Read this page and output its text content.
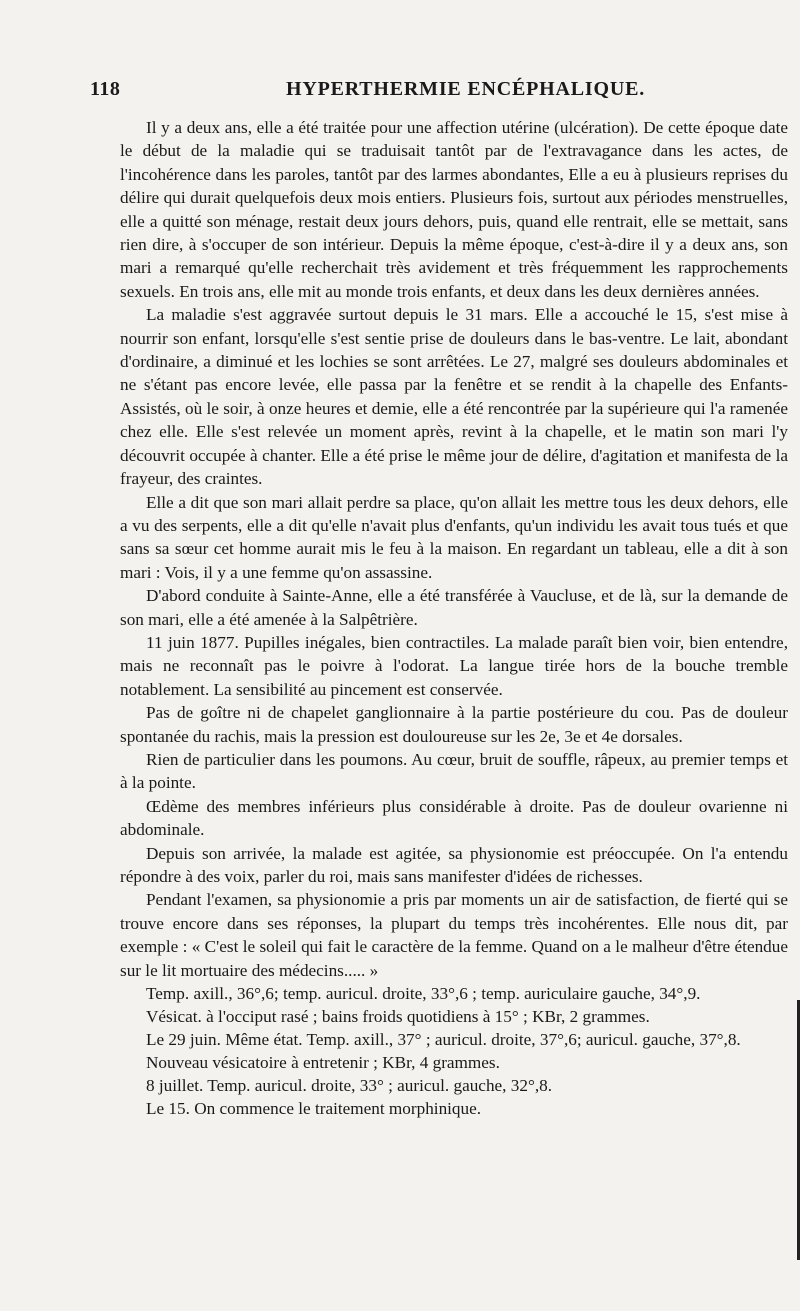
118	HYPERTHERMIE ENCÉPHALIQUE.

Il y a deux ans, elle a été traitée pour une affection utérine (ulcération). De cette époque date le début de la maladie qui se traduisait tantôt par de l'extravagance dans les actes, de l'incohérence dans les paroles, tantôt par des larmes abondantes, Elle a eu à plusieurs reprises du délire qui durait quelquefois deux mois entiers. Plusieurs fois, surtout aux périodes menstruelles, elle a quitté son ménage, restait deux jours dehors, puis, quand elle rentrait, elle se mettait, sans rien dire, à s'occuper de son intérieur. Depuis la même époque, c'est-à-dire il y a deux ans, son mari a remarqué qu'elle recherchait très avidement et très fréquemment les rapprochements sexuels. En trois ans, elle mit au monde trois enfants, et deux dans les deux dernières années.

La maladie s'est aggravée surtout depuis le 31 mars. Elle a accouché le 15, s'est mise à nourrir son enfant, lorsqu'elle s'est sentie prise de douleurs dans le bas-ventre. Le lait, abondant d'ordinaire, a diminué et les lochies se sont arrêtées. Le 27, malgré ses douleurs abdominales et ne s'étant pas encore levée, elle passa par la fenêtre et se rendit à la chapelle des Enfants-Assistés, où le soir, à onze heures et demie, elle a été rencontrée par la supérieure qui l'a ramenée chez elle. Elle s'est relevée un moment après, revint à la chapelle, et le matin son mari l'y découvrit occupée à chanter. Elle a été prise le même jour de délire, d'agitation et manifesta de la frayeur, des craintes.

Elle a dit que son mari allait perdre sa place, qu'on allait les mettre tous les deux dehors, elle a vu des serpents, elle a dit qu'elle n'avait plus d'enfants, qu'un individu les avait tous tués et que sans sa sœur cet homme aurait mis le feu à la maison. En regardant un tableau, elle a dit à son mari : Vois, il y a une femme qu'on assassine.

D'abord conduite à Sainte-Anne, elle a été transférée à Vaucluse, et de là, sur la demande de son mari, elle a été amenée à la Salpêtrière.

11 juin 1877. Pupilles inégales, bien contractiles. La malade paraît bien voir, bien entendre, mais ne reconnaît pas le poivre à l'odorat. La langue tirée hors de la bouche tremble notablement. La sensibilité au pincement est conservée.

Pas de goître ni de chapelet ganglionnaire à la partie postérieure du cou. Pas de douleur spontanée du rachis, mais la pression est douloureuse sur les 2e, 3e et 4e dorsales.

Rien de particulier dans les poumons. Au cœur, bruit de souffle, râpeux, au premier temps et à la pointe.

Œdème des membres inférieurs plus considérable à droite. Pas de douleur ovarienne ni abdominale.

Depuis son arrivée, la malade est agitée, sa physionomie est préoccupée. On l'a entendu répondre à des voix, parler du roi, mais sans manifester d'idées de richesses.

Pendant l'examen, sa physionomie a pris par moments un air de satisfaction, de fierté qui se trouve encore dans ses réponses, la plupart du temps très incohérentes. Elle nous dit, par exemple : « C'est le soleil qui fait le caractère de la femme. Quand on a le malheur d'être étendue sur le lit mortuaire des médecins..... »

Temp. axill., 36°,6; temp. auricul. droite, 33°,6 ; temp. auriculaire gauche, 34°,9.

Vésicat. à l'occiput rasé ; bains froids quotidiens à 15° ; KBr, 2 grammes.

Le 29 juin. Même état. Temp. axill., 37° ; auricul. droite, 37°,6; auricul. gauche, 37°,8.

Nouveau vésicatoire à entretenir ; KBr, 4 grammes.

8 juillet. Temp. auricul. droite, 33° ; auricul. gauche, 32°,8.

Le 15. On commence le traitement morphinique.
